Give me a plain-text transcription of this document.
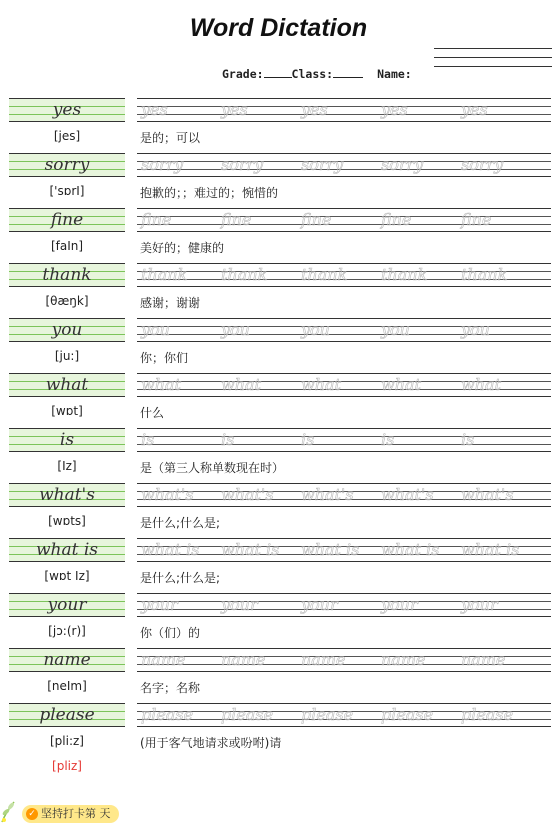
Word Dictation
Grade: Class:	Name:
yes	yes	yes	yes	yes	yes
[jes]	是的；可以
sorry	sorry sorry sorry sorry sorry
['sɒrI]	抱歉的；；难过的；惋惜的
fine	fine	fine	fine	fine	fine
[faIn]	美好的；健康的
thank	thank thank thank thank thank
[θæŋk]	感谢；谢谢
you	you	you	you	you	you
[ju:]	你；你们
what	what	what	what	what	what
[wɒt]	什么
is	is	is	is	is	is
[Iz]	是（第三人称单数现在时）
what's	what's what's what's what's what's
[wɒts]	是什么;什么是;
what is	what is what is what is what is what is
[wɒt Iz]	是什么;什么是;
your	your	your	your	your	your
[jɔ:(r)]	你（们）的
name	name name name name name
[neIm]	名字；名称
please	please please please please please
[pli:z]	(用于客气地请求或吩咐)请
[pliz]
✓ 坚持打卡第 天
